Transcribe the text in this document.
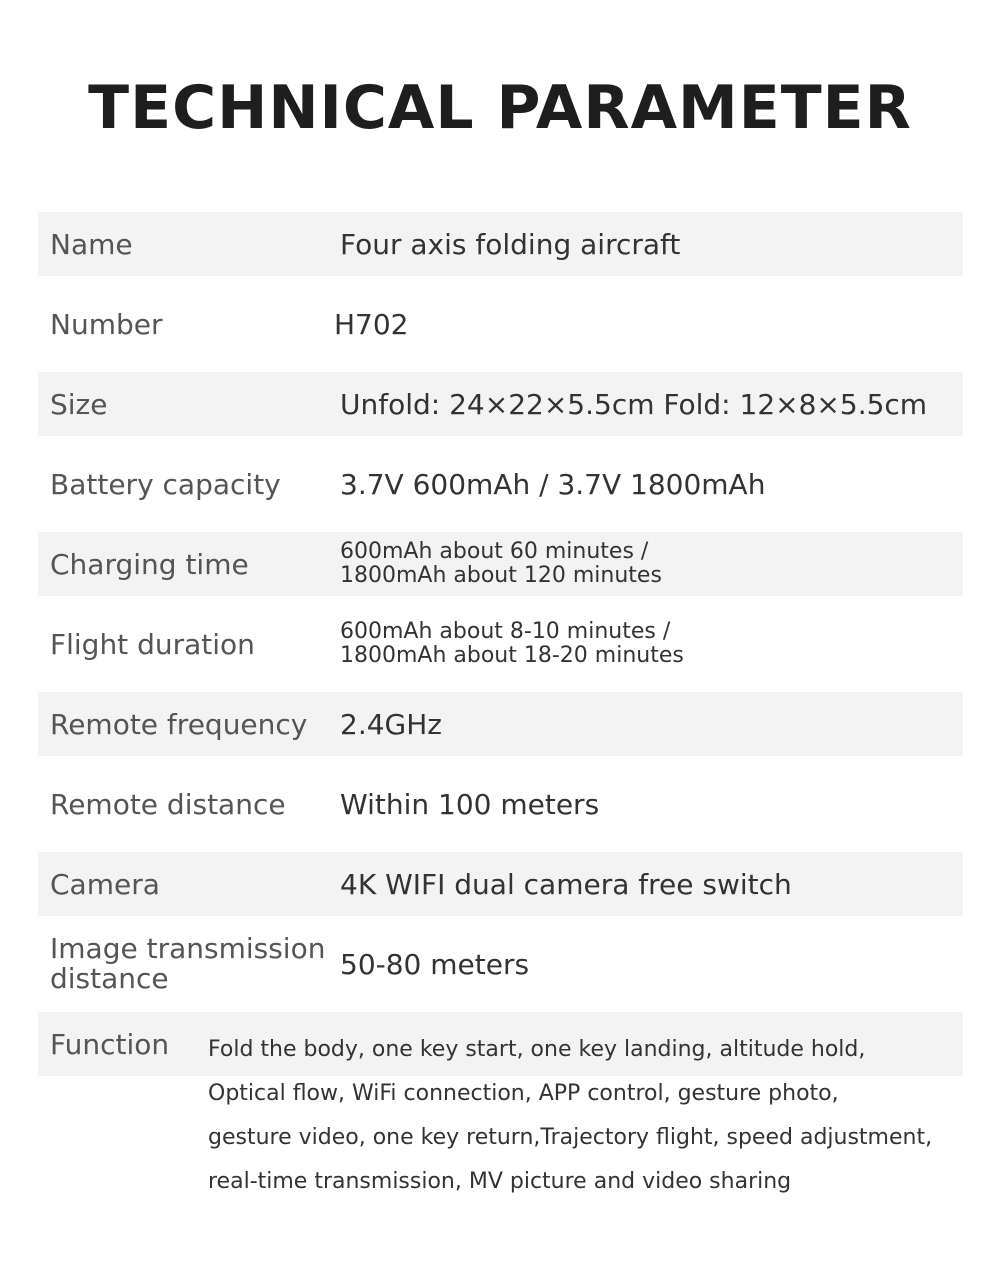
TECHNICAL PARAMETER
Name	Four axis folding aircraft
Number	H702
Size	Unfold: 24×22×5.5cm Fold: 12×8×5.5cm
Battery capacity 3.7V 600mAh / 3.7V 1800mAh
Charging time	600mAh about 60 minutes /
1800mAh about 120 minutes
Flight duration	600mAh about 8-10 minutes /
1800mAh about 18-20 minutes
Remote frequency 2.4GHz
Remote distance Within 100 meters
Camera	4K WIFI dual camera free switch
Image transmission distance	50-80 meters
Function Fold the body, one key start, one key landing, altitude hold,
Optical flow, WiFi connection, APP control, gesture photo,
gesture video, one key return,Trajectory flight, speed adjustment,
real-time transmission, MV picture and video sharing
